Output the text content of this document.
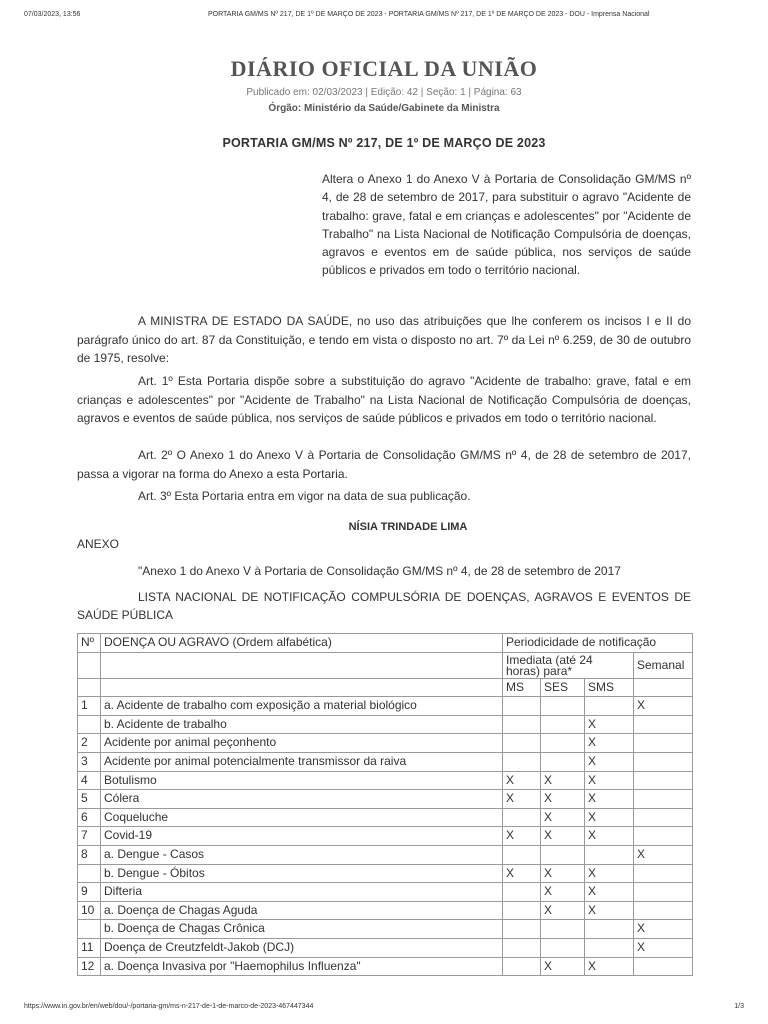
07/03/2023, 13:56	PORTARIA GM/MS Nº 217, DE 1º DE MARÇO DE 2023 - PORTARIA GM/MS Nº 217, DE 1º DE MARÇO DE 2023 - DOU - Imprensa Nacional
DIÁRIO OFICIAL DA UNIÃO
Publicado em: 02/03/2023 | Edição: 42 | Seção: 1 | Página: 63
Órgão: Ministério da Saúde/Gabinete da Ministra
PORTARIA GM/MS Nº 217, DE 1º DE MARÇO DE 2023
Altera o Anexo 1 do Anexo V à Portaria de Consolidação GM/MS nº 4, de 28 de setembro de 2017, para substituir o agravo "Acidente de trabalho: grave, fatal e em crianças e adolescentes" por "Acidente de Trabalho" na Lista Nacional de Notificação Compulsória de doenças, agravos e eventos em de saúde pública, nos serviços de saúde públicos e privados em todo o território nacional.

A MINISTRA DE ESTADO DA SAÚDE, no uso das atribuições que lhe conferem os incisos I e II do parágrafo único do art. 87 da Constituição, e tendo em vista o disposto no art. 7º da Lei nº 6.259, de 30 de outubro de 1975, resolve:

Art. 1º Esta Portaria dispõe sobre a substituição do agravo "Acidente de trabalho: grave, fatal e em crianças e adolescentes" por "Acidente de Trabalho" na Lista Nacional de Notificação Compulsória de doenças, agravos e eventos de saúde pública, nos serviços de saúde públicos e privados em todo o território nacional.

Art. 2º O Anexo 1 do Anexo V à Portaria de Consolidação GM/MS nº 4, de 28 de setembro de 2017, passa a vigorar na forma do Anexo a esta Portaria.

Art. 3º Esta Portaria entra em vigor na data de sua publicação.

NÍSIA TRINDADE LIMA
ANEXO
"Anexo 1 do Anexo V à Portaria de Consolidação GM/MS nº 4, de 28 de setembro de 2017
LISTA NACIONAL DE NOTIFICAÇÃO COMPULSÓRIA DE DOENÇAS, AGRAVOS E EVENTOS DE SAÚDE PÚBLICA
Nº	DOENÇA OU AGRAVO (Ordem alfabética)	Periodicidade de notificação			
		Imediata (até 24 horas) para*			Semanal
		MS	SES	SMS	
1	a. Acidente de trabalho com exposição a material biológico				X
	b. Acidente de trabalho			X	
2	Acidente por animal peçonhento			X	
3	Acidente por animal potencialmente transmissor da raiva			X	
4	Botulismo	X	X	X	
5	Cólera	X	X	X	
6	Coqueluche		X	X	
7	Covid-19	X	X	X	
8	a. Dengue - Casos				X
	b. Dengue - Óbitos	X	X	X	
9	Difteria		X	X	
10	a. Doença de Chagas Aguda		X	X	
	b. Doença de Chagas Crônica				X
11	Doença de Creutzfeldt-Jakob (DCJ)				X
12	a. Doença Invasiva por "Haemophilus Influenza"		X	X	
https://www.in.gov.br/en/web/dou/-/portaria-gm/ms-n-217-de-1-de-marco-de-2023-467447344	1/3
